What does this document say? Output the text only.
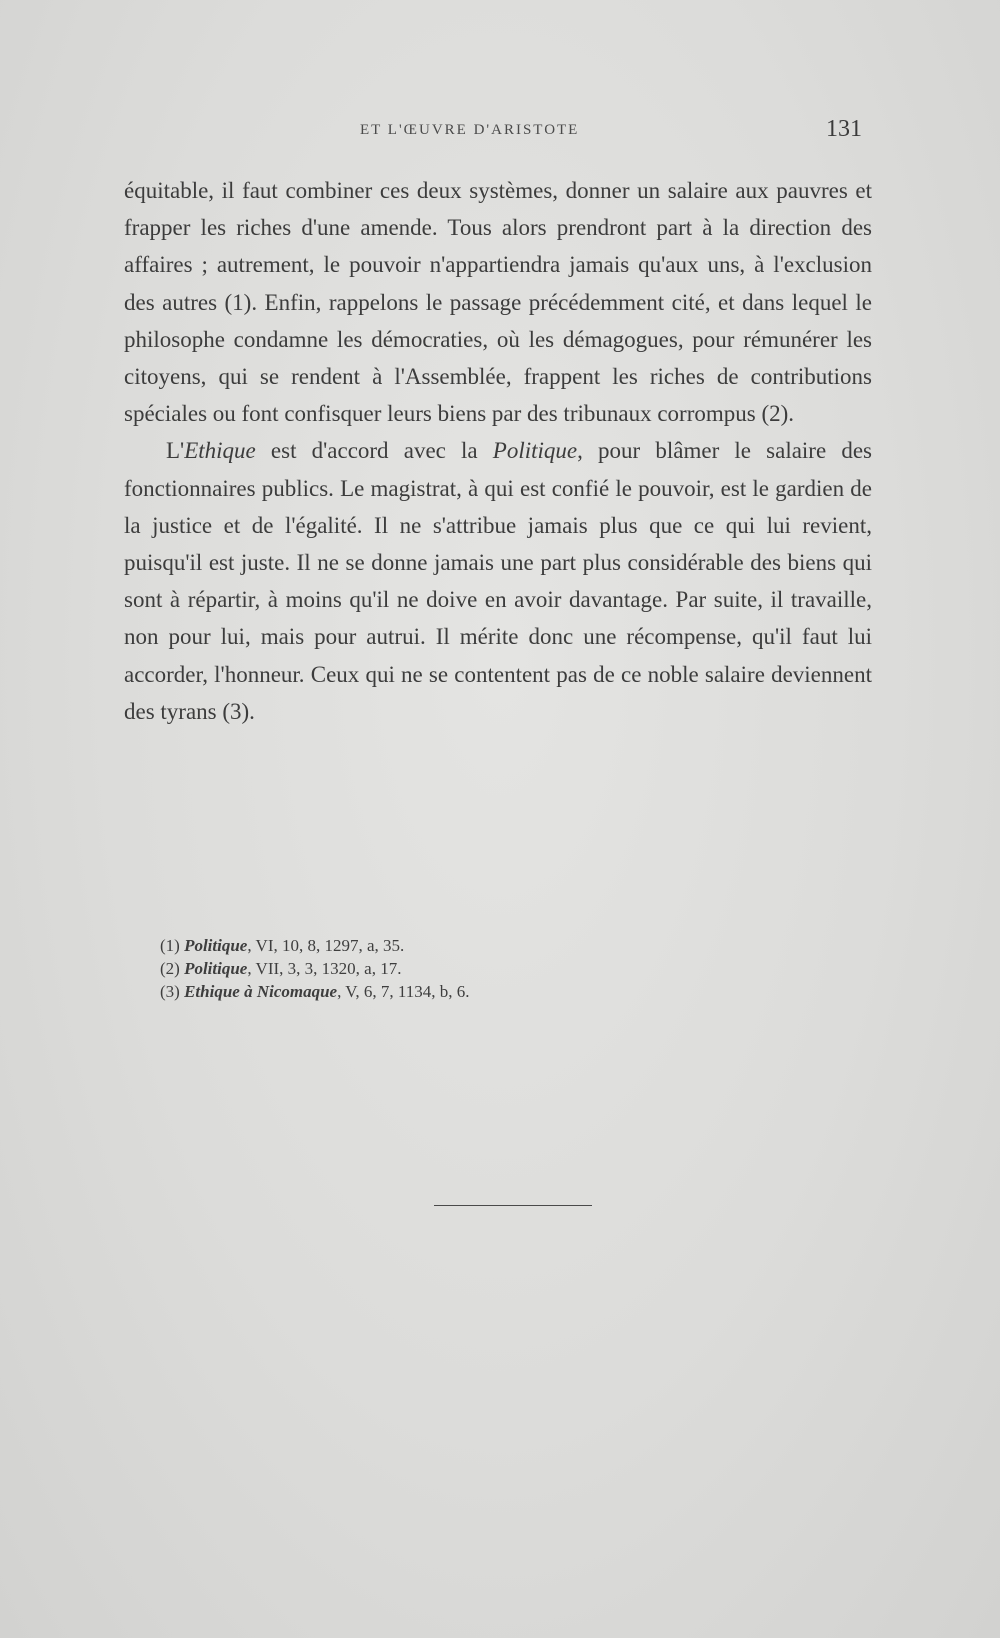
ET L'ŒUVRE D'ARISTOTE	131

équitable, il faut combiner ces deux systèmes, donner un salaire aux pauvres et frapper les riches d'une amende. Tous alors prendront part à la direction des affaires ; autrement, le pouvoir n'appartiendra jamais qu'aux uns, à l'exclusion des autres (1). Enfin, rappelons le passage précédemment cité, et dans lequel le philosophe condamne les démocraties, où les démagogues, pour rémunérer les citoyens, qui se rendent à l'Assemblée, frappent les riches de contributions spéciales ou font confisquer leurs biens par des tribunaux corrompus (2).

L'Ethique est d'accord avec la Politique, pour blâmer le salaire des fonctionnaires publics. Le magistrat, à qui est confié le pouvoir, est le gardien de la justice et de l'égalité. Il ne s'attribue jamais plus que ce qui lui revient, puisqu'il est juste. Il ne se donne jamais une part plus considérable des biens qui sont à répartir, à moins qu'il ne doive en avoir davantage. Par suite, il travaille, non pour lui, mais pour autrui. Il mérite donc une récompense, qu'il faut lui accorder, l'honneur. Ceux qui ne se contentent pas de ce noble salaire deviennent des tyrans (3).

(1) Politique, VI, 10, 8, 1297, a, 35.
(2) Politique, VII, 3, 3, 1320, a, 17.
(3) Ethique à Nicomaque, V, 6, 7, 1134, b, 6.
